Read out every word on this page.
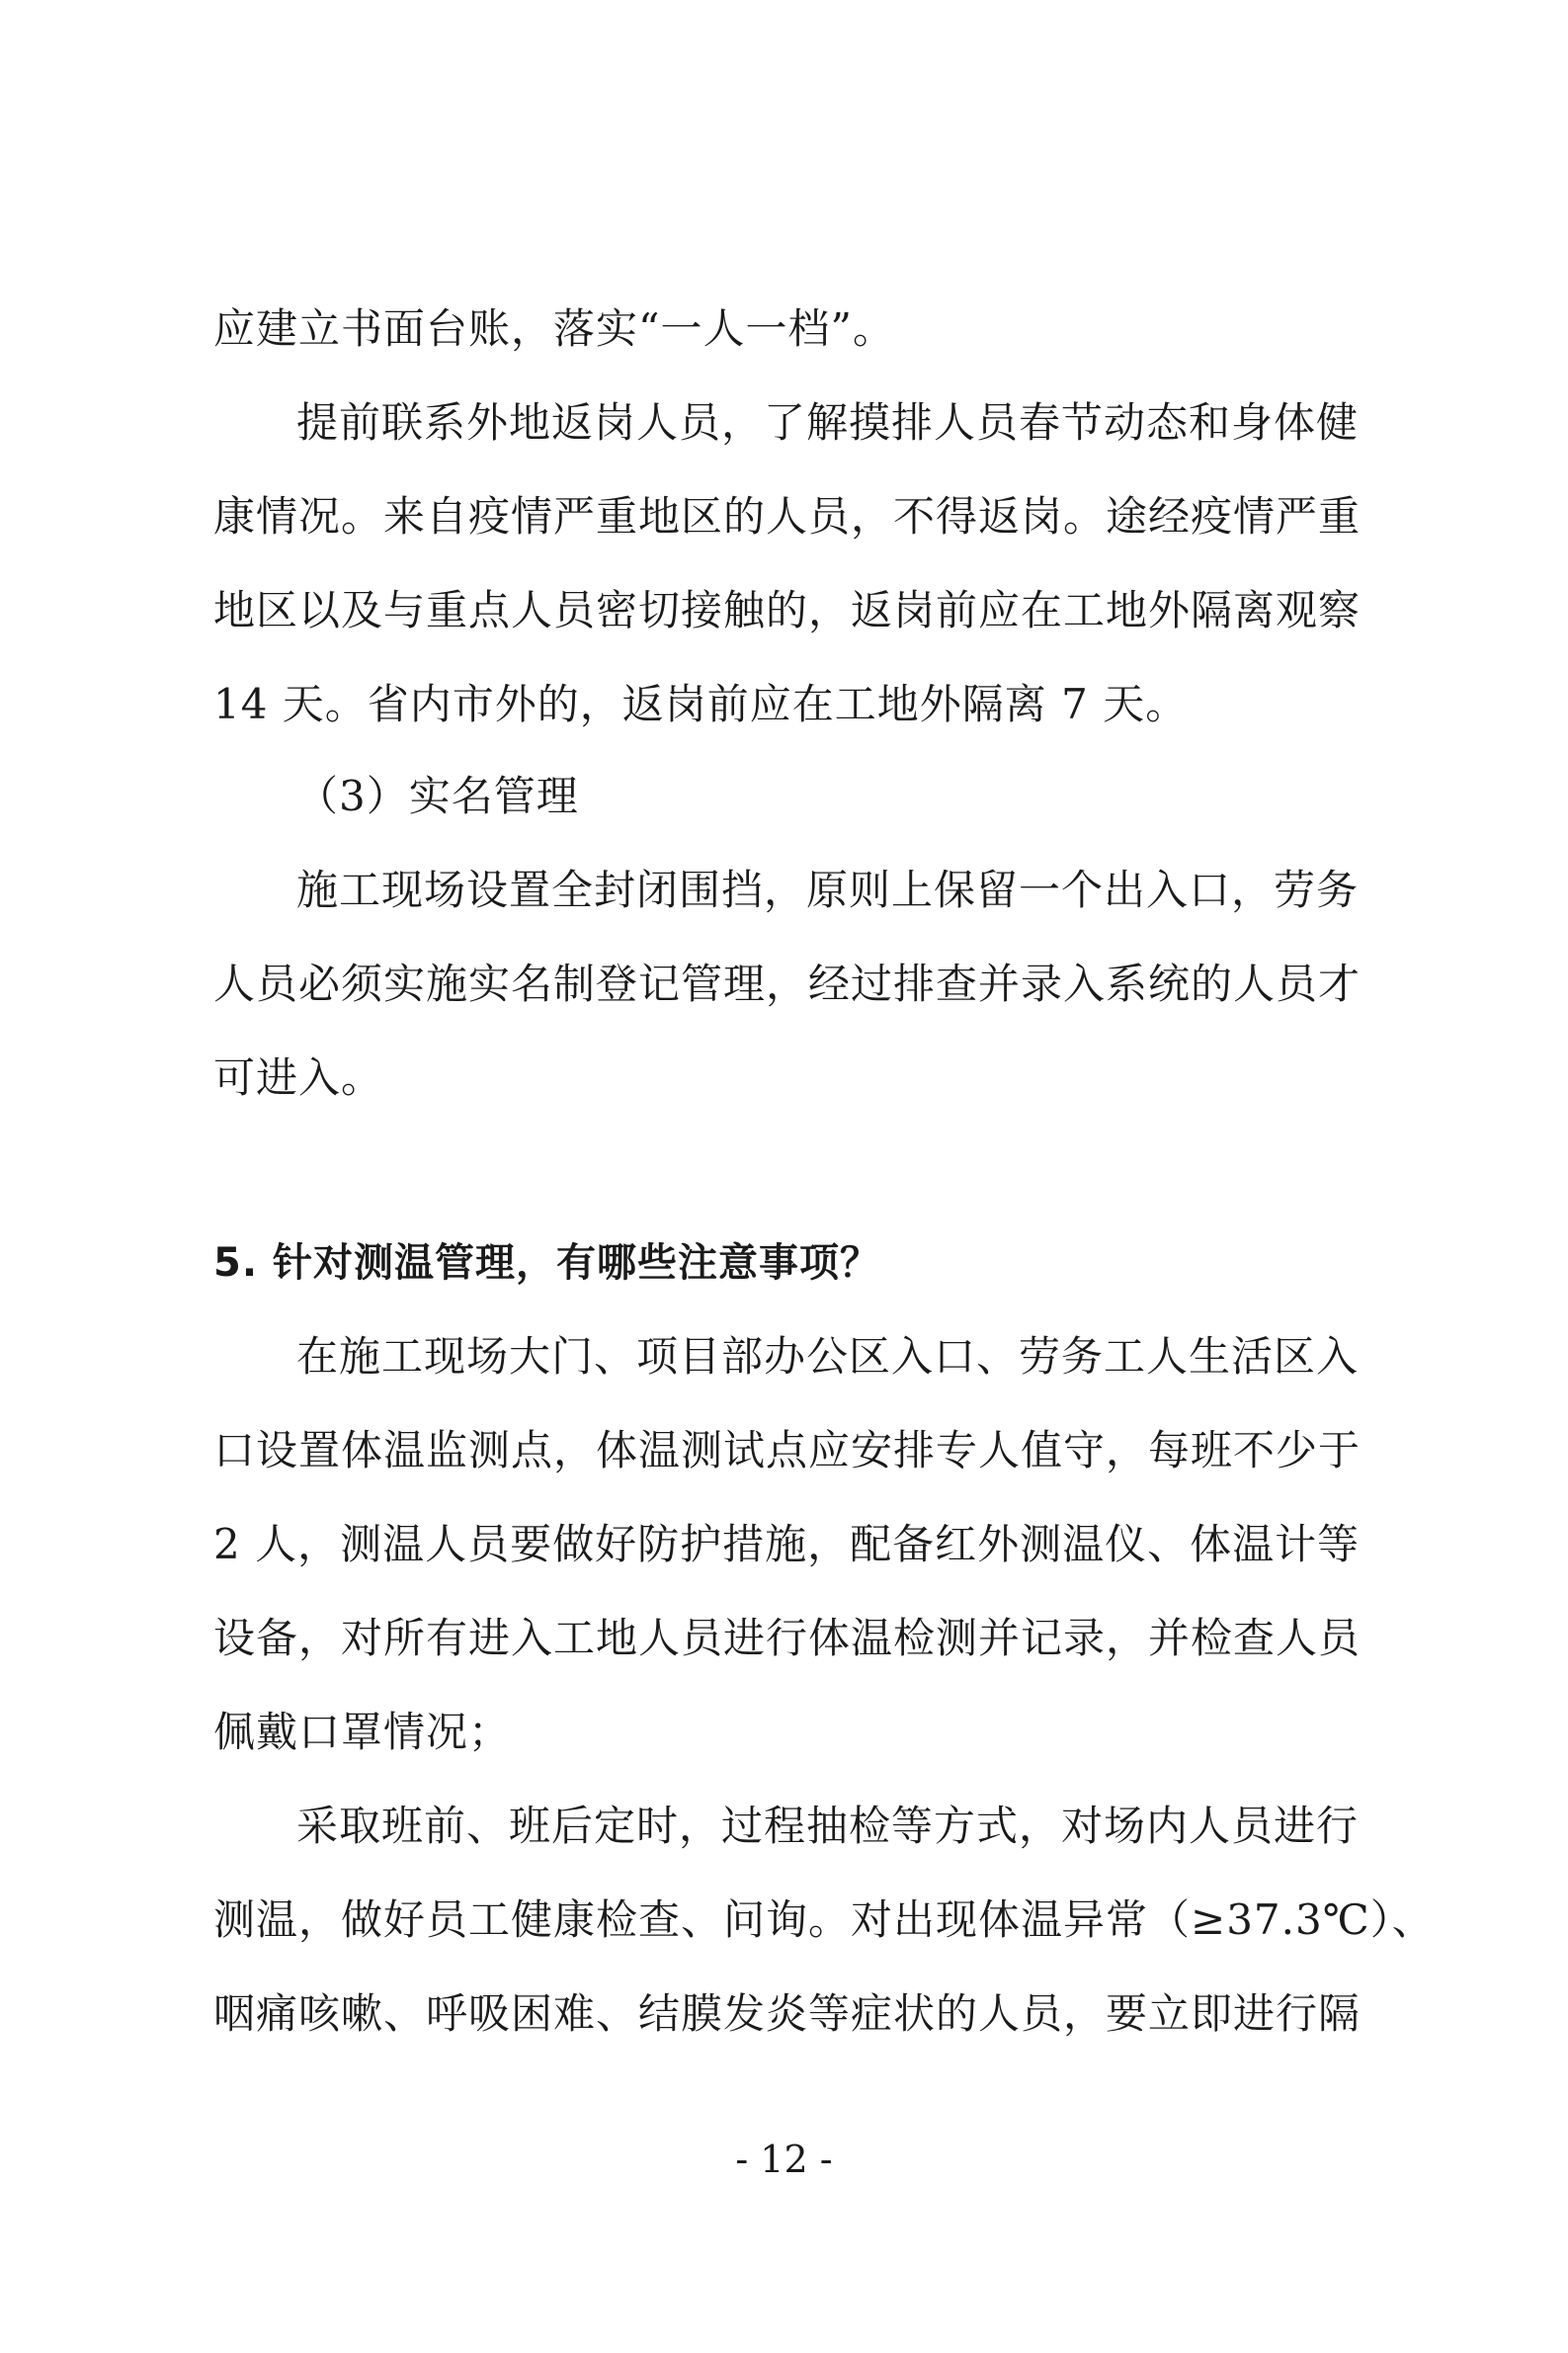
应建立书面台账，落实“一人一档”。
提前联系外地返岗人员，了解摸排人员春节动态和身体健
康情况。来自疫情严重地区的人员，不得返岗。途经疫情严重
地区以及与重点人员密切接触的，返岗前应在工地外隔离观察
14 天。省内市外的，返岗前应在工地外隔离 7 天。
（3）实名管理
施工现场设置全封闭围挡，原则上保留一个出入口，劳务
人员必须实施实名制登记管理，经过排查并录入系统的人员才
可进入。
5. 针对测温管理，有哪些注意事项？
在施工现场大门、项目部办公区入口、劳务工人生活区入
口设置体温监测点，体温测试点应安排专人值守，每班不少于
2 人，测温人员要做好防护措施，配备红外测温仪、体温计等
设备，对所有进入工地人员进行体温检测并记录，并检查人员
佩戴口罩情况；
采取班前、班后定时，过程抽检等方式，对场内人员进行
测温，做好员工健康检查、问询。对出现体温异常（≥37.3℃）、
咽痛咳嗽、呼吸困难、结膜发炎等症状的人员，要立即进行隔
- 12 -
